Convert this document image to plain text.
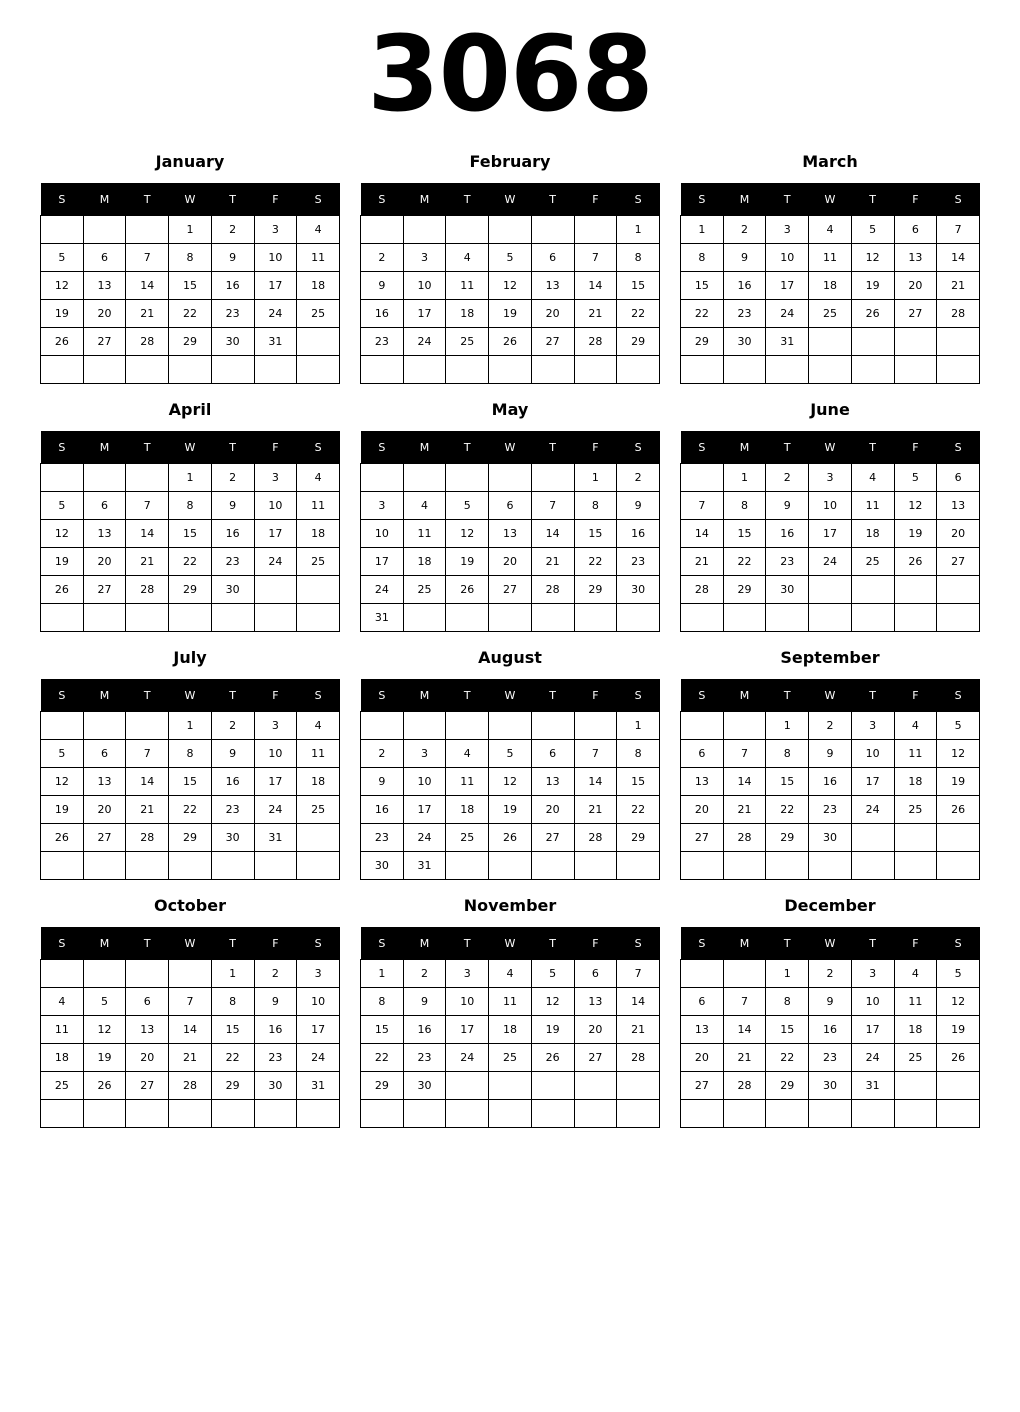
3068
January
S	M	T	W	T	F	S
			1	2	3	4
5	6	7	8	9	10	11
12	13	14	15	16	17	18
19	20	21	22	23	24	25
26	27	28	29	30	31	

February
S	M	T	W	T	F	S
						1
2	3	4	5	6	7	8
9	10	11	12	13	14	15
16	17	18	19	20	21	22
23	24	25	26	27	28	29

March
S	M	T	W	T	F	S
1	2	3	4	5	6	7
8	9	10	11	12	13	14
15	16	17	18	19	20	21
22	23	24	25	26	27	28
29	30	31				

April
S	M	T	W	T	F	S
			1	2	3	4
5	6	7	8	9	10	11
12	13	14	15	16	17	18
19	20	21	22	23	24	25
26	27	28	29	30		

May
S	M	T	W	T	F	S
					1	2
3	4	5	6	7	8	9
10	11	12	13	14	15	16
17	18	19	20	21	22	23
24	25	26	27	28	29	30
31						
June
S	M	T	W	T	F	S
	1	2	3	4	5	6
7	8	9	10	11	12	13
14	15	16	17	18	19	20
21	22	23	24	25	26	27
28	29	30				

July
S	M	T	W	T	F	S
			1	2	3	4
5	6	7	8	9	10	11
12	13	14	15	16	17	18
19	20	21	22	23	24	25
26	27	28	29	30	31	

August
S	M	T	W	T	F	S
						1
2	3	4	5	6	7	8
9	10	11	12	13	14	15
16	17	18	19	20	21	22
23	24	25	26	27	28	29
30	31					
September
S	M	T	W	T	F	S
		1	2	3	4	5
6	7	8	9	10	11	12
13	14	15	16	17	18	19
20	21	22	23	24	25	26
27	28	29	30			

October
S	M	T	W	T	F	S
				1	2	3
4	5	6	7	8	9	10
11	12	13	14	15	16	17
18	19	20	21	22	23	24
25	26	27	28	29	30	31

November
S	M	T	W	T	F	S
1	2	3	4	5	6	7
8	9	10	11	12	13	14
15	16	17	18	19	20	21
22	23	24	25	26	27	28
29	30					

December
S	M	T	W	T	F	S
		1	2	3	4	5
6	7	8	9	10	11	12
13	14	15	16	17	18	19
20	21	22	23	24	25	26
27	28	29	30	31		
